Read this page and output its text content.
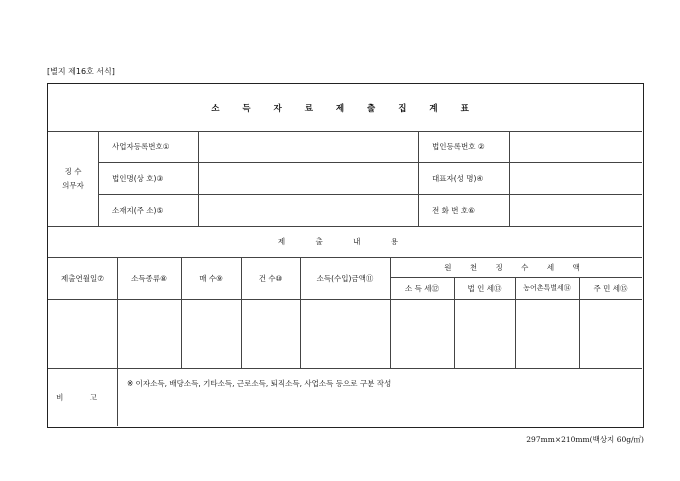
[별지 제16호 서식]
소 득 자 료 제 출 집 계 표
징 수
의무자
사업자등록번호①	법인등록번호 ②
법인명(상 호)③	대표자(성 명)④
소재지(주 소)⑤	전 화 번 호⑥
제 출 내 용
제출연월일⑦	소득종류⑧	매 수⑨	건 수⑩	소득(수입)금액⑪
원 천 징 수 세 액
소 득 세⑫	법 인 세⑬	농어촌특별세⑭	주 민 세⑮
비 고
※ 이자소득, 배당소득, 기타소득, 근로소득, 퇴직소득, 사업소득 등으로 구분 작성
297mm×210mm(백상지 60g/㎡)
